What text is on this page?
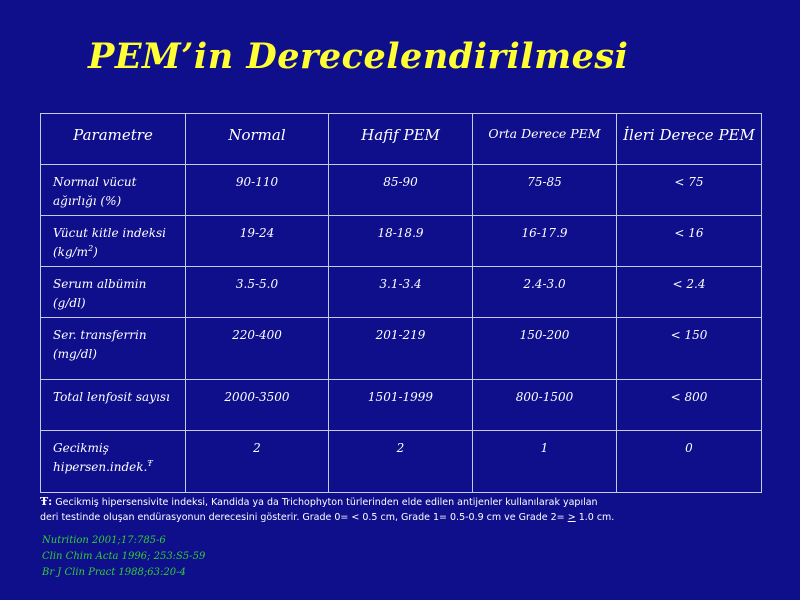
PEM’in Derecelendirilmesi
Parametre	Normal	Hafif PEM	Orta Derece PEM	İleri Derece PEM
Normal vücut ağırlığı (%)	90-110	85-90	75-85	< 75
Vücut kitle indeksi $(kg/m^2)$	19-24	18-18.9	16-17.9	< 16
Serum albümin (g/dl)	3.5-5.0	3.1-3.4	2.4-3.0	< 2.4
Ser. transferrin (mg/dl)	220-400	201-219	150-200	< 150
Total lenfosit sayısı	2000-3500	1501-1999	800-1500	< 800
Gecikmiş hipersen.indek.$^Ŧ$	2	2	1	0
Ŧ: Gecikmiş hipersensivite indeksi, Kandida ya da Trichophyton türlerinden elde edilen antijenler kullanılarak yapılan
deri testinde oluşan endürasyonun derecesini gösterir. Grade 0= < 0.5 cm, Grade 1= 0.5-0.9 cm ve Grade 2= > 1.0 cm.
Nutrition 2001;17:785-6
Clin Chim Acta 1996; 253:S5-59
Br J Clin Pract 1988;63:20-4
